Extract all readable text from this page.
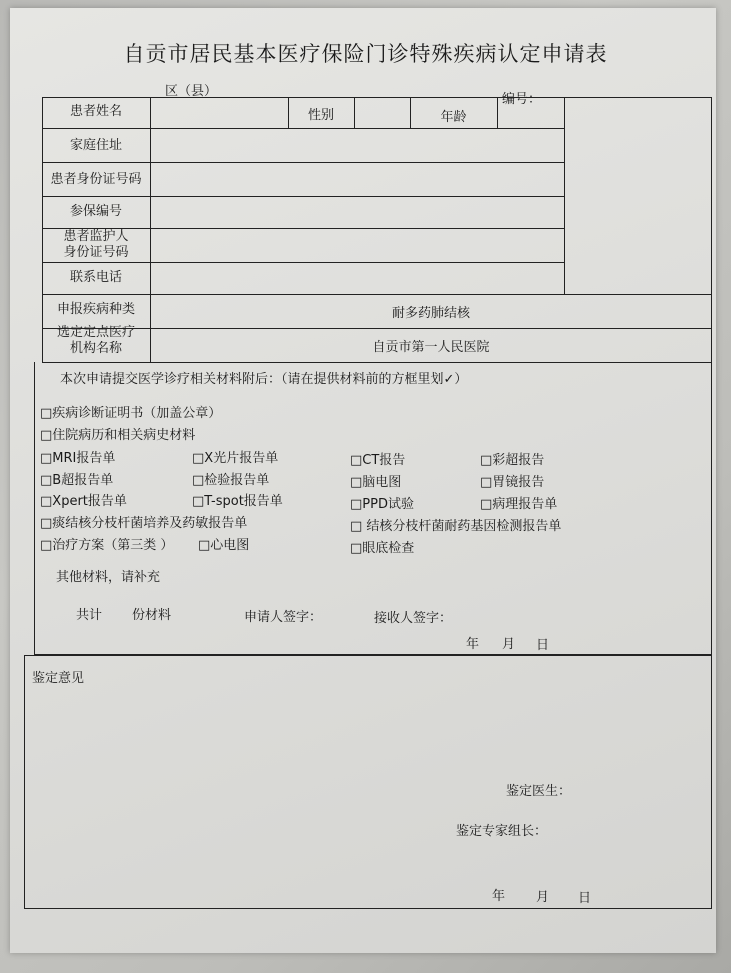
自贡市居民基本医疗保险门诊特殊疾病认定申请表
区（县）
编号：
患者姓名	性别	年龄
家庭住址
患者身份证号码
参保编号
患者监护人
身份证号码
联系电话
申报疾病种类	耐多药肺结核
选定定点医疗
机构名称	自贡市第一人民医院
本次申请提交医学诊疗相关材料附后：（请在提供材料前的方框里划✓）
□疾病诊断证明书（加盖公章）
□住院病历和相关病史材料
□MRI报告单	□X光片报告单	□CT报告	□彩超报告
□B超报告单	□检验报告单	□脑电图	□胃镜报告
□Xpert报告单	□T-spot报告单	□PPD试验	□病理报告单
□痰结核分枝杆菌培养及药敏报告单	□ 结核分枝杆菌耐药基因检测报告单
□治疗方案（第三类 ） □心电图	□眼底检查
其他材料，请补充
共计 份材料	申请人签字：	接收人签字：
年 月 日
鉴定意见
鉴定医生：
鉴定专家组长：
年 月 日
